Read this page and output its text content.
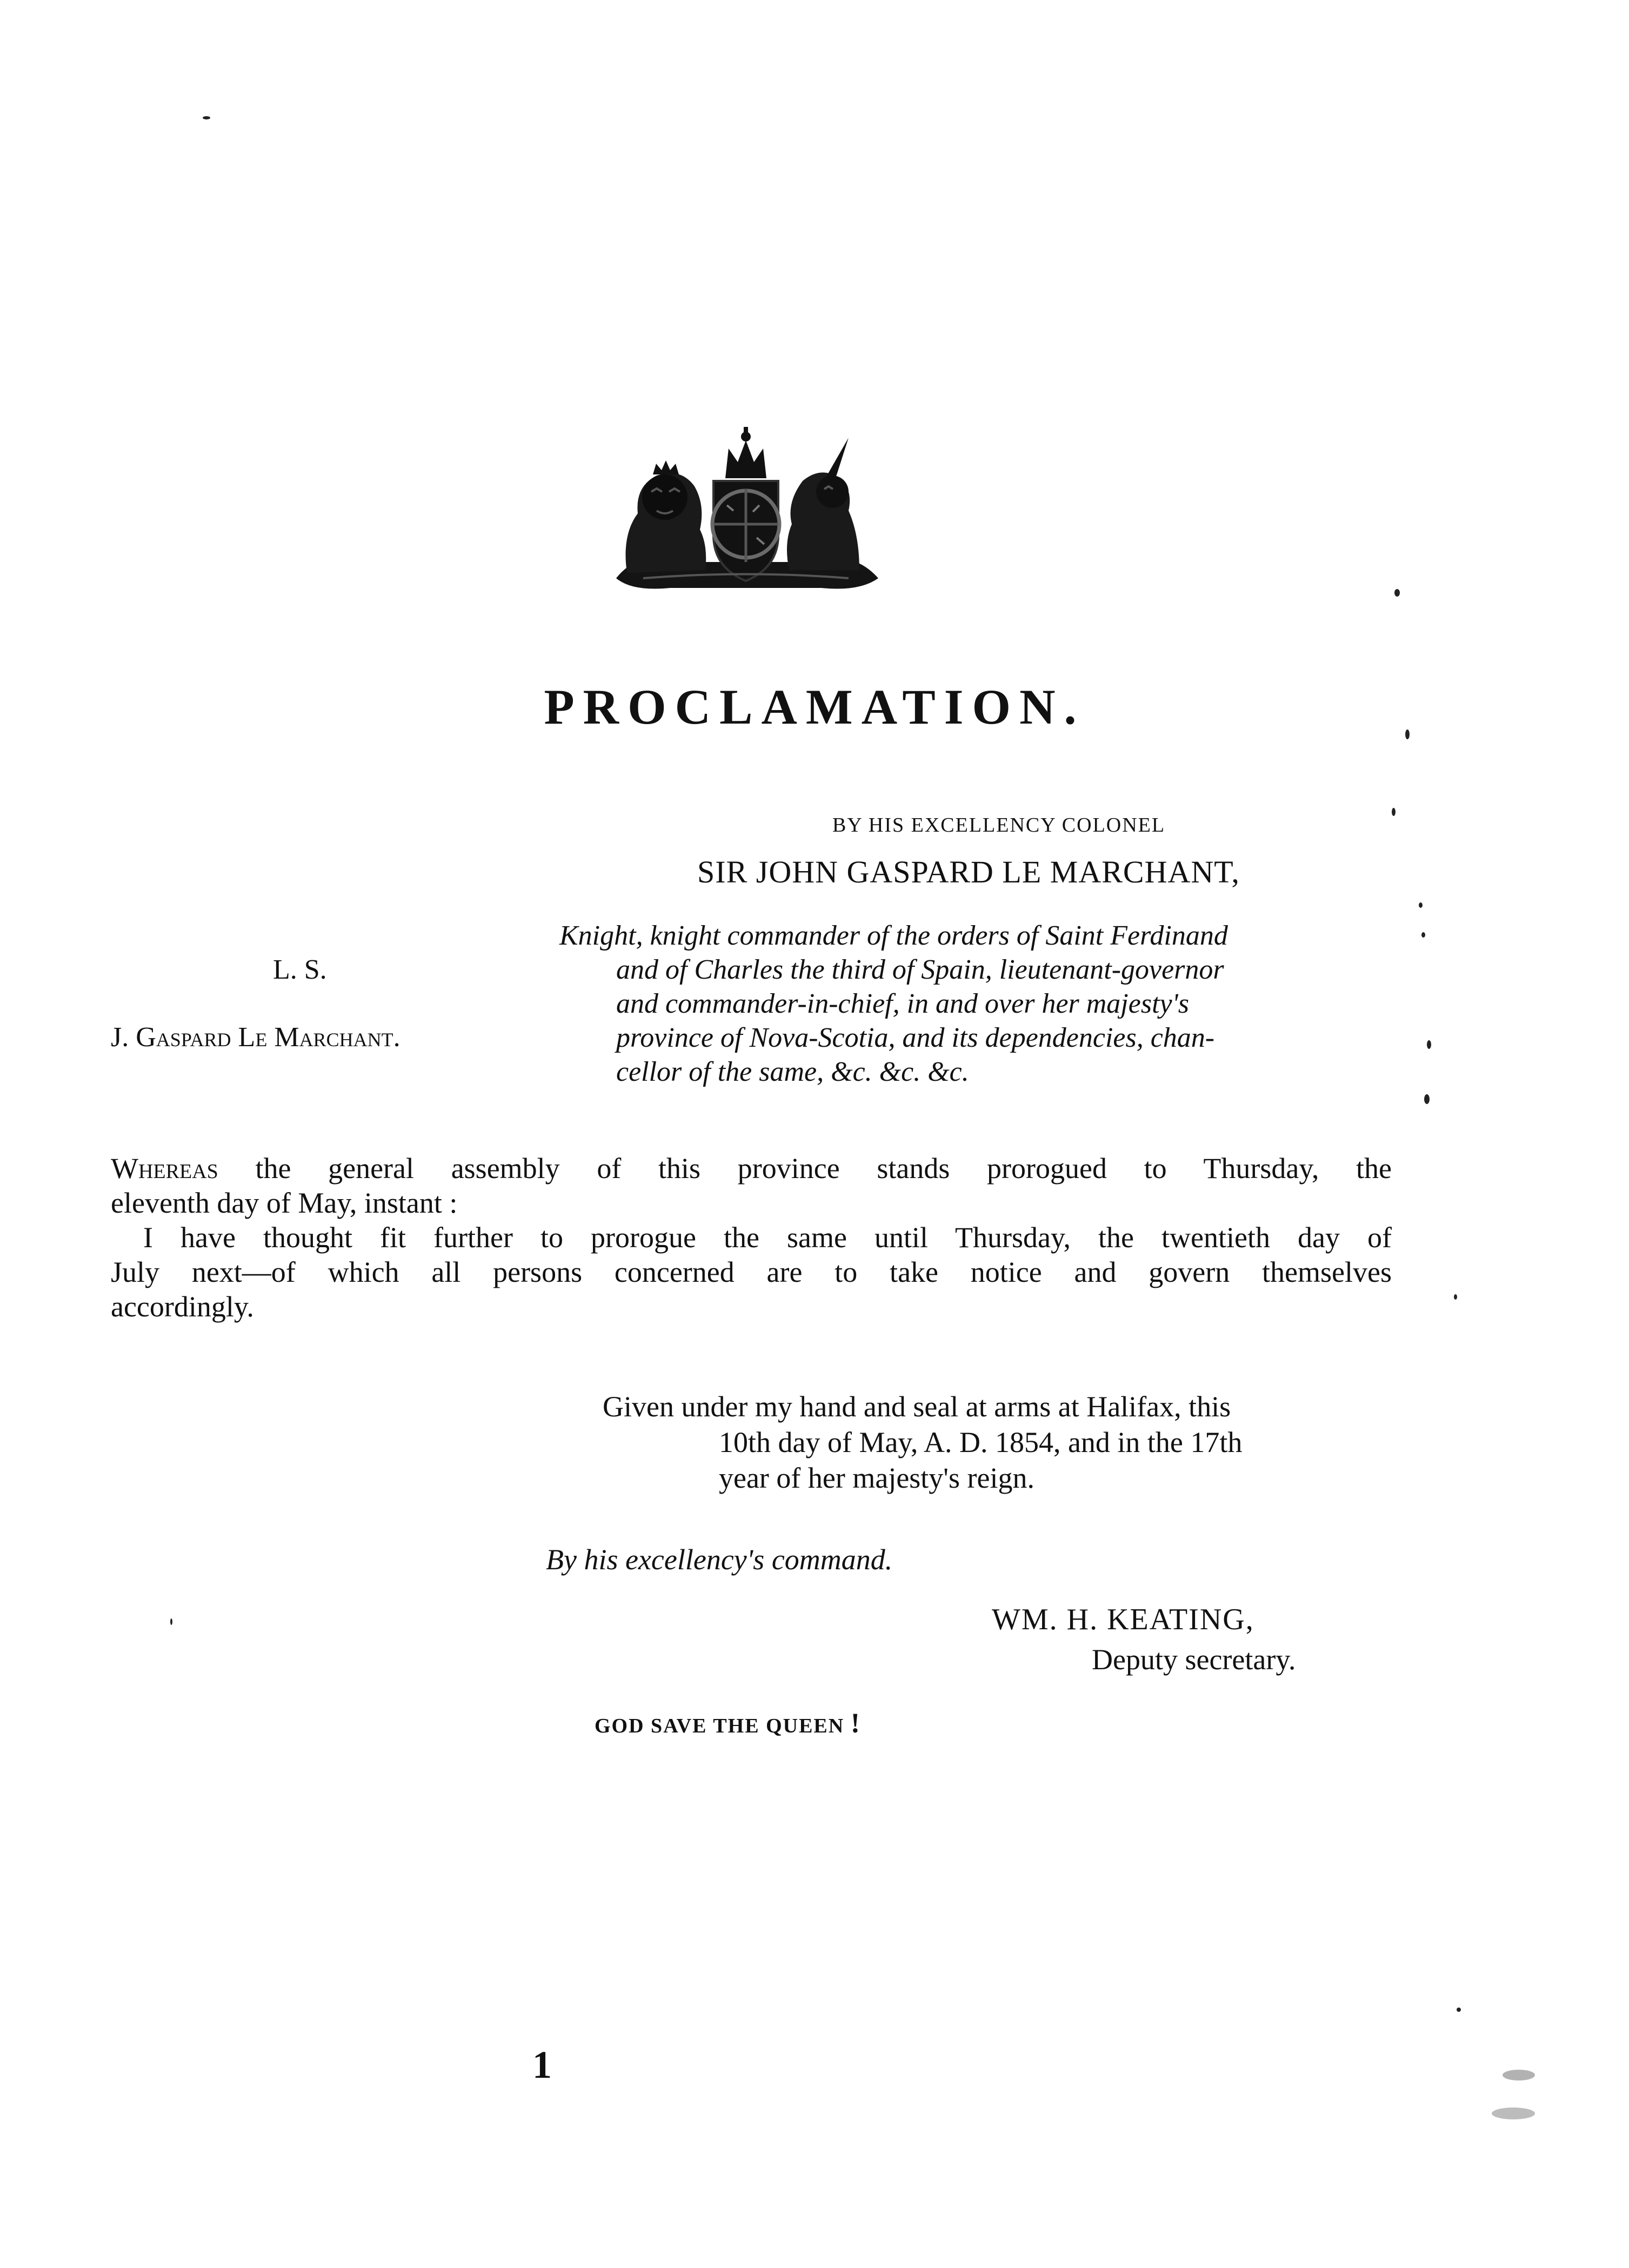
PROCLAMATION.
BY HIS EXCELLENCY COLONEL
SIR JOHN GASPARD LE MARCHANT,
Knight, knight commander of the orders of Saint Ferdinand
and of Charles the third of Spain, lieutenant-governor
and commander-in-chief, in and over her majesty's
province of Nova-Scotia, and its dependencies, chan-
cellor of the same, &c. &c. &c.
L. S.
J. Gaspard Le Marchant.
Whereas the general assembly of this province stands prorogued to Thursday, the
eleventh day of May, instant :
I have thought fit further to prorogue the same until Thursday, the twentieth day of
July next—of which all persons concerned are to take notice and govern themselves
accordingly.
Given under my hand and seal at arms at Halifax, this
10th day of May, A. D. 1854, and in the 17th
year of her majesty's reign.
By his excellency's command.
WM. H. KEATING,
Deputy secretary.
GOD SAVE THE QUEEN !
1
